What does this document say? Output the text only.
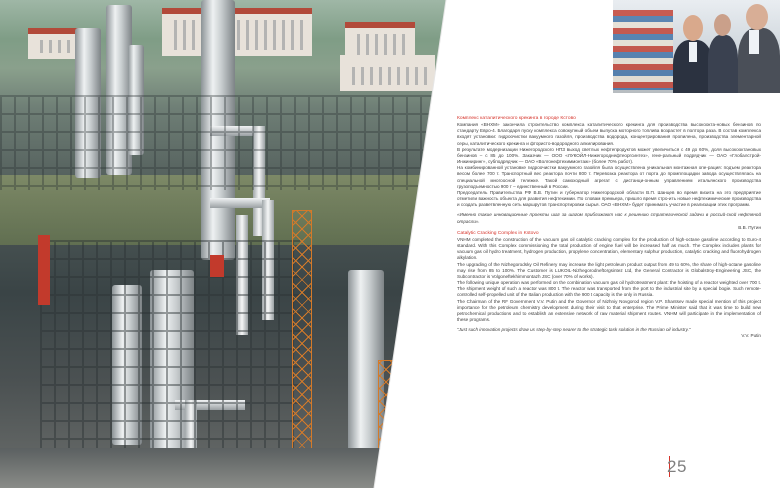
Комплекс каталитического крекинга в городе Кстово

Компания «ВНХМ» закончила строительство комплекса каталитического крекинга для производства высокоокта-новых бензинов по стандарту Евро-4. Благодаря пуску комплекса совокупный объем выпуска моторного топлива возрастет в полтора раза. В состав комплекса входят установки: гидроочистки вакуумного газойля, производства водорода, концентрирования пропилена, производства элементарной серы, каталитического крекинга и фтористо-водородного алкилирования.

В результате модернизации Нижегородского НПЗ выход светлых нефтепродуктов может увеличиться с 49 до 60%, доля высокооктановых бензинов – с 85 до 100%. Заказчик — ООО «ЛУКОЙЛ-Нижегороднефтеоргсинтез», гене-ральный подрядчик — ОАО «Глобалстрой-Инжиниринг», субподрядчик — ОАО «Волгонефтехиммонтаж» (более 70% работ).

На комбинированной установке гидроочистки вакуумного газойля была осуществлена уникальная монтажная опе-рация: подъем реактора весом более 700 т. Транспортный вес реактора почти 800 т. Перевозка реактора от порта до промплощадки завода осуществлялась на специальной многоосной тележке. Такой самоходный агрегат с дистанци-онным управлением итальянского производства грузоподъемностью 900 т – единственный в России.

Председатель Правительства РФ В.В. Путин и губернатор Нижегородской области В.П. Шанцев во время визита на это предприятие отметили важность объекта для развития нефтехимии. По словам премьера, пришло время стро-ить новые нефтехимические производства и создать разветвленную сеть маршрутов транспортировки сырья. ОАО «ВНХМ» будет принимать участие в реализации этих программ.

«Именно такие инновационные проекты шаг за шагом приближают нас к решению стратегической задачи в россий-ской нефтяной отрасли».

В.В. Путин

Catalytic Cracking Complex in Kstovo

VNHM completed the construction of the vacuum gas oil catalytic cracking complex for the production of high-octane gasoline according to Euro-4 standard. With this Complex commissioning the total production of engine fuel will be increased half as much. The Complex includes plants for vacuum gas oil hydro treatment, hydrogen production, propylene concentration, elementary sulphur production, catalytic cracking and fluorohydrogen alkylation.

The upgrading of the Nizhegorodsky Oil Refinery may increase the light petroleum product output from 49 to 60%, the share of high-octane gasoline may rise from 85 to 100%. The Customer is LUKOIL-Nizhegorodneftorgsintez Ltd, the General Contractor is Globalstroy-Engineering JSC, the Subcontractor is Volgoneftekhimmontazh JSC (over 70% of works).

The following unique operation was performed on the combination vacuum gas oil hydrotreatment plant: the hoisting of a reactor weighted over 700 t. The shipment weight of such a reactor was 800 t. The reactor was transported from the port to the industrial site by a special bogie. Such remote-controlled self-propelled unit of the Italian production with the 900 t capacity is the only in Russia.

The Chairman of the RF Government V.V. Putin and the Governor of Nizhniy Novgorod region V.P. Shantsev made special mention of this project importance for the petroleum chemistry development during their visit to that enterprise. The Prime Minister said that it was time to build new petrochemical productions and to establish an extensive network of raw material shipment routes. VNHM will participate in the implementation of these programs.

"Just such innovation projects draw us step-by-step nearer to the strategic task solution in the Russian oil industry."

V.V. Putin

25
